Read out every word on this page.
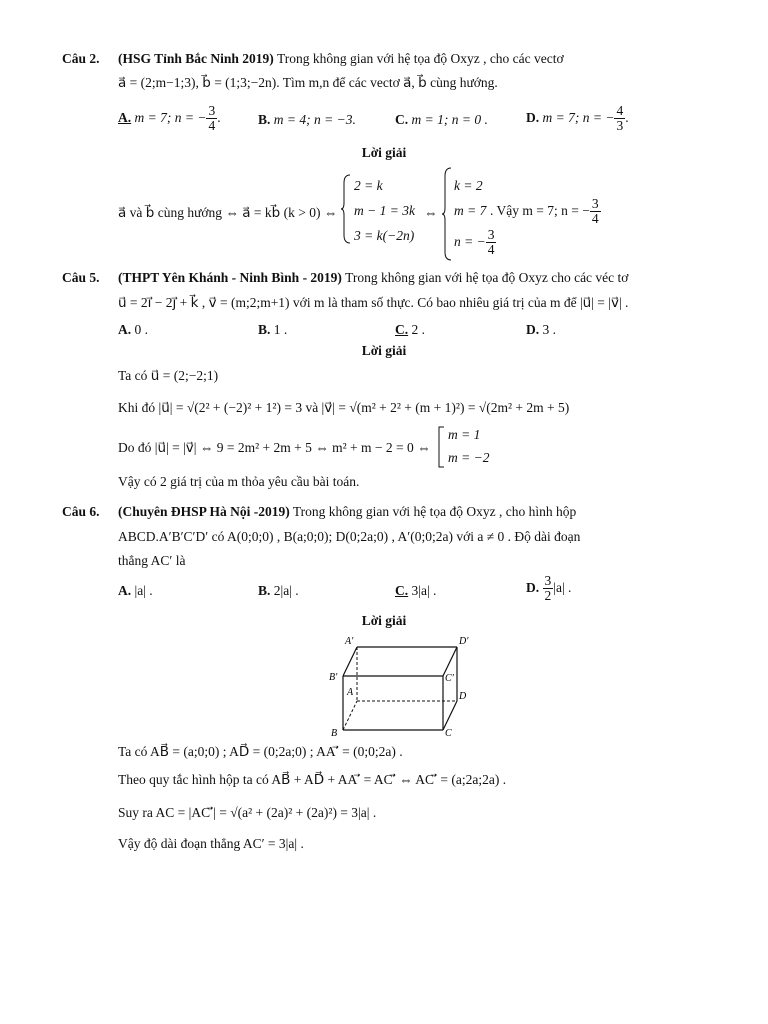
Câu 2. (HSG Tỉnh Bắc Ninh 2019) Trong không gian với hệ tọa độ Oxyz , cho các vectơ
a⃗ = (2;m−1;3), b⃗ = (1;3;−2n). Tìm m,n để các vectơ a⃗, b⃗ cùng hướng.
A. m = 7; n = − $\frac{3}{4}$ .	B. m = 4; n = −3.	C. m = 1; n = 0 .	D. m = 7; n = − $\frac{4}{3}$ .
Lời giải
a⃗ và b⃗ cùng hướng ⇔ a⃗ = kb⃗ (k > 0) ⇔
2 = k
m − 1 = 3k
3 = k(−2n)
⇔
k = 2
m = 7
n = − $\frac{3}{4}$
. Vậy m = 7; n = − $\frac{3}{4}$
Câu 5. (THPT Yên Khánh - Ninh Bình - 2019) Trong không gian với hệ tọa độ Oxyz cho các véc tơ
u⃗ = 2i⃗ − 2j⃗ + k⃗ , v⃗ = (m;2;m+1) với m là tham số thực. Có bao nhiêu giá trị của m để |u⃗| = |v⃗| .
A. 0 .	B. 1 .	C. 2 .	D. 3 .
Lời giải
Ta có u⃗ = (2;−2;1)
Khi đó |u⃗| = √(2² + (−2)² + 1²) = 3 và |v⃗| = √(m² + 2² + (m + 1)²) = √(2m² + 2m + 5)
Do đó |u⃗| = |v⃗| ⇔ 9 = 2m² + 2m + 5 ⇔ m² + m − 2 = 0 ⇔
m = 1
m = −2
Vậy có 2 giá trị của m thỏa yêu cầu bài toán.
Câu 6. (Chuyên ĐHSP Hà Nội -2019) Trong không gian với hệ tọa độ Oxyz , cho hình hộp
ABCD.A′B′C′D′ có A(0;0;0) , B(a;0;0); D(0;2a;0) , A′(0;0;2a) với a ≠ 0 . Độ dài đoạn
thẳng AC′ là
A. |a| .	B. 2|a| .	C. 3|a| .	D. $\frac{3}{2} |a|$ .
Lời giải
A′	D′
B′	C′
A	D
B	C
Ta có AB⃗ = (a;0;0) ; AD⃗ = (0;2a;0) ; AA′⃗ = (0;0;2a) .
Theo quy tắc hình hộp ta có AB⃗ + AD⃗ + AA′⃗ = AC′⃗ ⇔ AC′⃗ = (a;2a;2a) .
Suy ra AC = |AC′⃗| = √(a² + (2a)² + (2a)²) = 3|a| .
Vậy độ dài đoạn thẳng AC′ = 3|a| .
